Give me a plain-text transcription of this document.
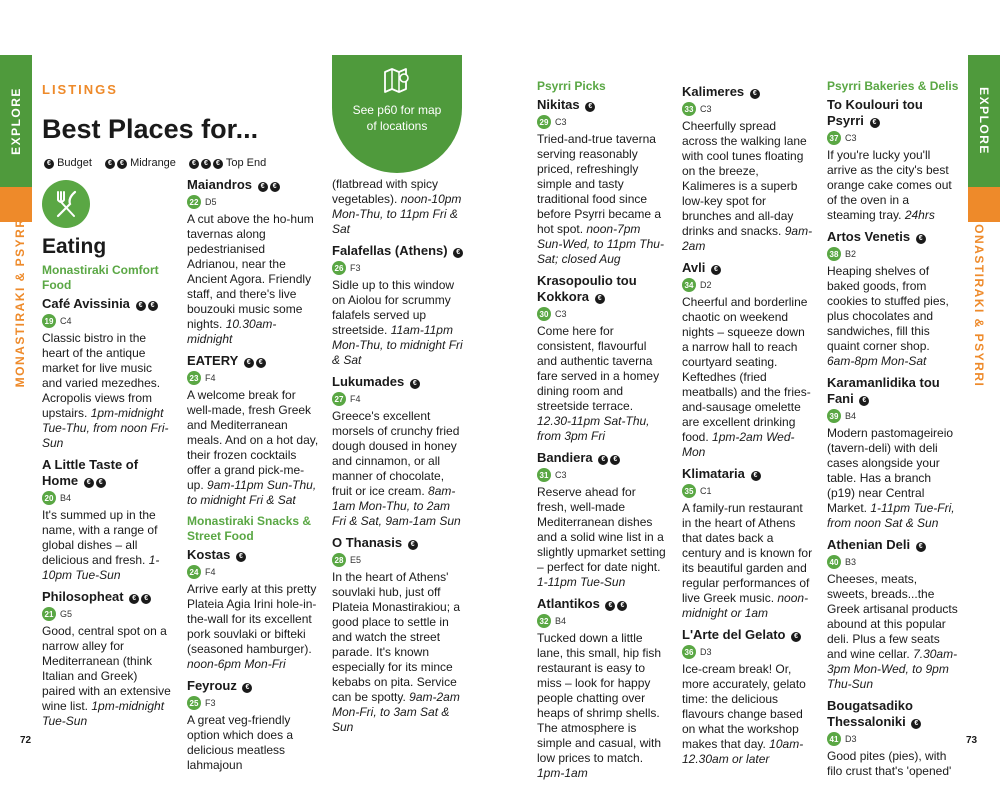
EXPLORE
MONASTIRAKI & PSYRRI
EXPLORE
MONASTIRAKI & PSYRRI
LISTINGS
Best Places for...
See p60 for map of locations
€ Budget € € Midrange € € € Top End
Eating
Monastiraki Comfort Food
Café Avissinia € €
19 C4
Classic bistro in the heart of the antique market for live music and varied mezedhes. Acropolis views from upstairs. 1pm-midnight Tue-Thu, from noon Fri-Sun
A Little Taste of Home € €
20 B4
It's summed up in the name, with a range of global dishes – all delicious and fresh. 1-10pm Tue-Sun
Philosopheat € €
21 G5
Good, central spot on a narrow alley for Mediterranean (think Italian and Greek) paired with an extensive wine list. 1pm-midnight Tue-Sun
Maiandros € €
22 D5
A cut above the ho-hum tavernas along pedestrianised Adrianou, near the Ancient Agora. Friendly staff, and there's live bouzouki music some nights. 10.30am-midnight
EATERY € €
23 F4
A welcome break for well-made, fresh Greek and Mediterranean meals. And on a hot day, their frozen cocktails offer a grand pick-me-up. 9am-11pm Sun-Thu, to midnight Fri & Sat
Monastiraki Snacks & Street Food
Kostas €
24 F4
Arrive early at this pretty Plateia Agia Irini hole-in-the-wall for its excellent pork souvlaki or bifteki (seasoned hamburger). noon-6pm Mon-Fri
Feyrouz €
25 F3
A great veg-friendly option which does a delicious meatless lahmajoun
(flatbread with spicy vegetables). noon-10pm Mon-Thu, to 11pm Fri & Sat
Falafellas (Athens) €
26 F3
Sidle up to this window on Aiolou for scrummy falafels served up streetside. 11am-11pm Mon-Thu, to midnight Fri & Sat
Lukumades €
27 F4
Greece's excellent morsels of crunchy fried dough doused in honey and cinnamon, or all manner of chocolate, fruit or ice cream. 8am-1am Mon-Thu, to 2am Fri & Sat, 9am-1am Sun
O Thanasis €
28 E5
In the heart of Athens' souvlaki hub, just off Plateia Monastirakiou; a good place to settle in and watch the street parade. It's known especially for its mince kebabs on pita. Service can be spotty. 9am-2am Mon-Fri, to 3am Sat & Sun
Psyrri Picks
Nikitas €
29 C3
Tried-and-true taverna serving reasonably priced, refreshingly simple and tasty traditional food since before Psyrri became a hot spot. noon-7pm Sun-Wed, to 11pm Thu-Sat; closed Aug
Krasopoulio tou Kokkora €
30 C3
Come here for consistent, flavourful and authentic taverna fare served in a homey dining room and streetside terrace. 12.30-11pm Sat-Thu, from 3pm Fri
Bandiera € €
31 C3
Reserve ahead for fresh, well-made Mediterranean dishes and a solid wine list in a slightly upmarket setting – perfect for date night. 1-11pm Tue-Sun
Atlantikos € €
32 B4
Tucked down a little lane, this small, hip fish restaurant is easy to miss – look for happy people chatting over heaps of shrimp shells. The atmosphere is simple and casual, with low prices to match. 1pm-1am
Kalimeres €
33 C3
Cheerfully spread across the walking lane with cool tunes floating on the breeze, Kalimeres is a superb low-key spot for brunches and all-day drinks and snacks. 9am-2am
Avli €
34 D2
Cheerful and borderline chaotic on weekend nights – squeeze down a narrow hall to reach courtyard seating. Keftedhes (fried meatballs) and the fries-and-sausage omelette are excellent drinking food. 1pm-2am Wed-Mon
Klimataria €
35 C1
A family-run restaurant in the heart of Athens that dates back a century and is known for its beautiful garden and regular performances of live Greek music. noon-midnight or 1am
L'Arte del Gelato €
36 D3
Ice-cream break! Or, more accurately, gelato time: the delicious flavours change based on what the workshop makes that day. 10am-12.30am or later
Psyrri Bakeries & Delis
To Koulouri tou Psyrri €
37 C3
If you're lucky you'll arrive as the city's best orange cake comes out of the oven in a steaming tray. 24hrs
Artos Venetis €
38 B2
Heaping shelves of baked goods, from cookies to stuffed pies, plus chocolates and sandwiches, fill this quaint corner shop. 6am-8pm Mon-Sat
Karamanlidika tou Fani €
39 B4
Modern pastomageireio (tavern-deli) with deli cases alongside your table. Has a branch (p19) near Central Market. 1-11pm Tue-Fri, from noon Sat & Sun
Athenian Deli €
40 B3
Cheeses, meats, sweets, breads...the Greek artisanal products abound at this popular deli. Plus a few seats and wine cellar. 7.30am-3pm Mon-Wed, to 9pm Thu-Sun
Bougatsadiko Thessaloniki €
41 D3
Good pites (pies), with filo crust that's 'opened'
72	73
